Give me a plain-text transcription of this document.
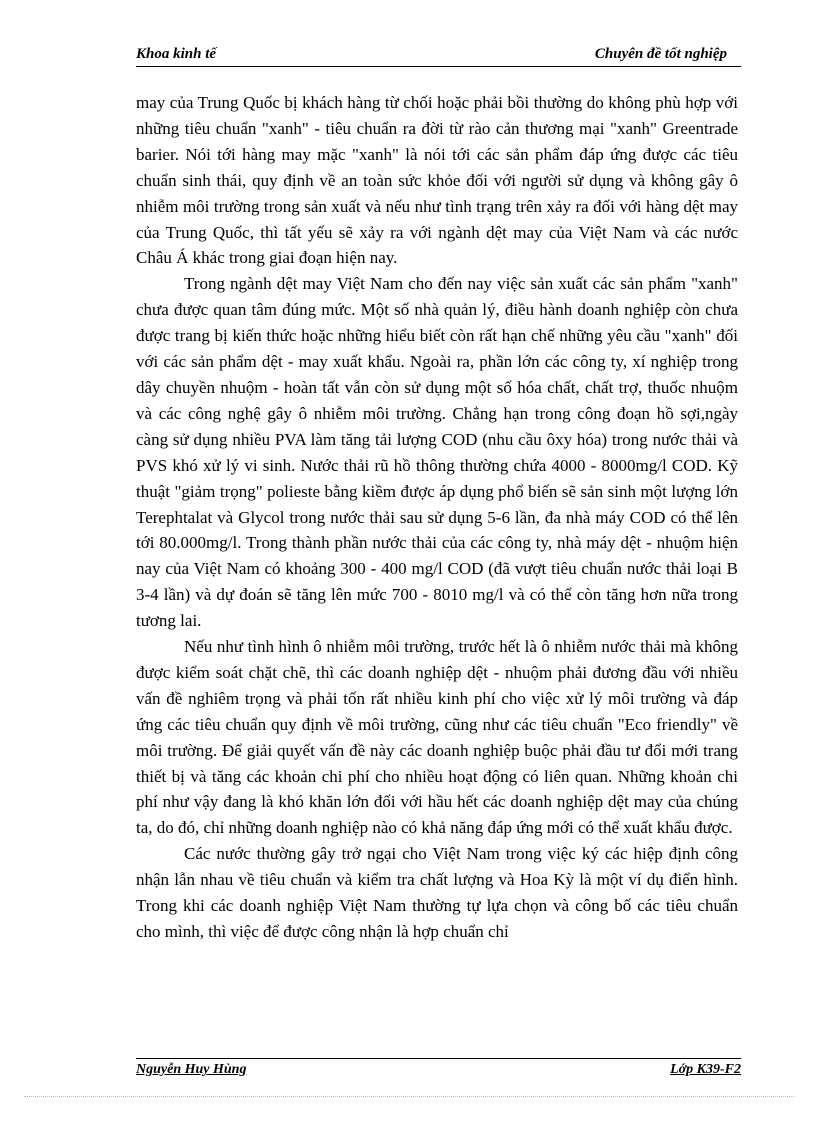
Khoa kinh tế	Chuyên đề tốt nghiệp

may của Trung Quốc bị khách hàng từ chối hoặc phải bồi thường do không phù hợp với những tiêu chuẩn "xanh" - tiêu chuẩn ra đời từ rào cản thương mại "xanh" Greentrade barier. Nói tới hàng may mặc "xanh" là nói tới các sản phẩm đáp ứng được các tiêu chuẩn sinh thái, quy định về an toàn sức khỏe đối với người sử dụng và không gây ô nhiễm môi trường trong sản xuất và nếu như tình trạng trên xảy ra đối với hàng dệt may của Trung Quốc, thì tất yếu sẽ xảy ra với ngành dệt may của Việt Nam và các nước Châu Á khác trong giai đoạn hiện nay.

Trong ngành dệt may Việt Nam cho đến nay việc sản xuất các sản phẩm "xanh" chưa được quan tâm đúng mức. Một số nhà quản lý, điều hành doanh nghiệp còn chưa được trang bị kiến thức hoặc những hiểu biết còn rất hạn chế những yêu cầu "xanh" đối với các sản phẩm dệt - may xuất khẩu. Ngoài ra, phần lớn các công ty, xí nghiệp trong dây chuyền nhuộm - hoàn tất vẫn còn sử dụng một số hóa chất, chất trợ, thuốc nhuộm và các công nghệ gây ô nhiễm môi trường. Chẳng hạn trong công đoạn hồ sợi,ngày càng sử dụng nhiều PVA làm tăng tải lượng COD (nhu cầu ôxy hóa) trong nước thải và PVS khó xử lý vi sinh. Nước thải rũ hồ thông thường chứa 4000 - 8000mg/l COD. Kỹ thuật "giảm trọng" polieste bằng kiềm được áp dụng phổ biến sẽ sản sinh một lượng lớn Terephtalat và Glycol trong nước thải sau sử dụng 5-6 lần, đa nhà máy COD có thể lên tới 80.000mg/l. Trong thành phần nước thải của các công ty, nhà máy dệt - nhuộm hiện nay của Việt Nam có khoảng 300 - 400 mg/l COD (đã vượt tiêu chuẩn nước thải loại B 3-4 lần) và dự đoán sẽ tăng lên mức 700 - 8010 mg/l và có thể còn tăng hơn nữa trong tương lai.

Nếu như tình hình ô nhiễm môi trường, trước hết là ô nhiễm nước thải mà không được kiểm soát chặt chẽ, thì các doanh nghiệp dệt - nhuộm phải đương đầu với nhiều vấn đề nghiêm trọng và phải tốn rất nhiều kinh phí cho việc xử lý môi trường và đáp ứng các tiêu chuẩn quy định về môi trường, cũng như các tiêu chuẩn "Eco friendly" về môi trường. Để giải quyết vấn đề này các doanh nghiệp buộc phải đầu tư đổi mới trang thiết bị và tăng các khoản chi phí cho nhiều hoạt động có liên quan. Những khoản chi phí như vậy đang là khó khăn lớn đối với hầu hết các doanh nghiệp dệt may của chúng ta, do đó, chỉ những doanh nghiệp nào có khả năng đáp ứng mới có thể xuất khẩu được.

Các nước thường gây trở ngại cho Việt Nam trong việc ký các hiệp định công nhận lẫn nhau về tiêu chuẩn và kiểm tra chất lượng và Hoa Kỳ là một ví dụ điển hình. Trong khi các doanh nghiệp Việt Nam thường tự lựa chọn và công bố các tiêu chuẩn cho mình, thì việc để được công nhận là hợp chuẩn chỉ

Nguyễn Huy Hùng	Lớp K39-F2
